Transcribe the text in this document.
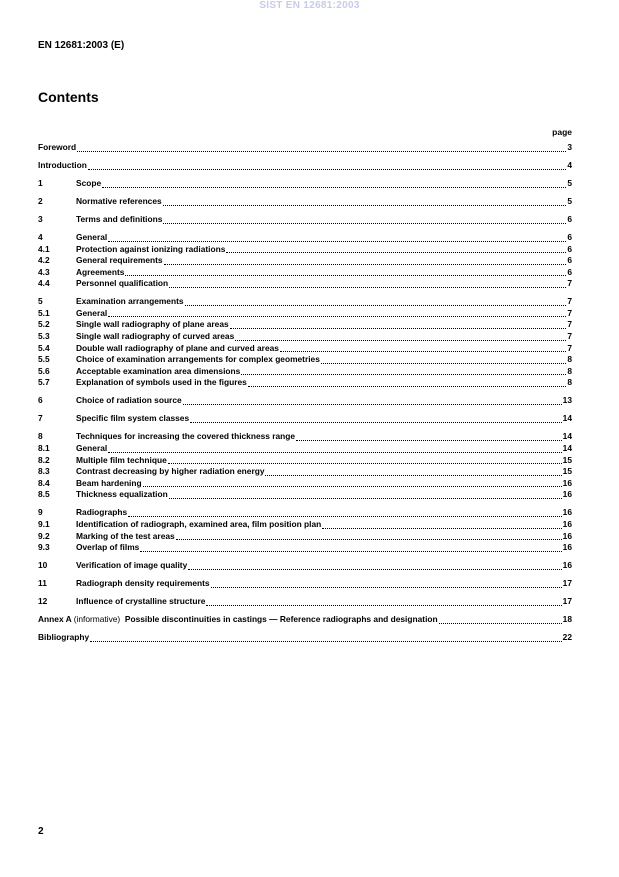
SIST EN 12681:2003
EN 12681:2003 (E)
Contents
page
Foreword	3
Introduction	4
1	Scope	5
2	Normative references	5
3	Terms and definitions	6
4	General	6
4.1	Protection against ionizing radiations	6
4.2	General requirements	6
4.3	Agreements	6
4.4	Personnel qualification	7
5	Examination arrangements	7
5.1	General	7
5.2	Single wall radiography of plane areas	7
5.3	Single wall radiography of curved areas	7
5.4	Double wall radiography of plane and curved areas	7
5.5	Choice of examination arrangements for complex geometries	8
5.6	Acceptable examination area dimensions	8
5.7	Explanation of symbols used in the figures	8
6	Choice of radiation source	13
7	Specific film system classes	14
8	Techniques for increasing the covered thickness range	14
8.1	General	14
8.2	Multiple film technique	15
8.3	Contrast decreasing by higher radiation energy	15
8.4	Beam hardening	16
8.5	Thickness equalization	16
9	Radiographs	16
9.1	Identification of radiograph, examined area, film position plan	16
9.2	Marking of the test areas	16
9.3	Overlap of films	16
10	Verification of image quality	16
11	Radiograph density requirements	17
12	Influence of crystalline structure	17
Annex A (informative) Possible discontinuities in castings — Reference radiographs and designation	18
Bibliography	22
2
